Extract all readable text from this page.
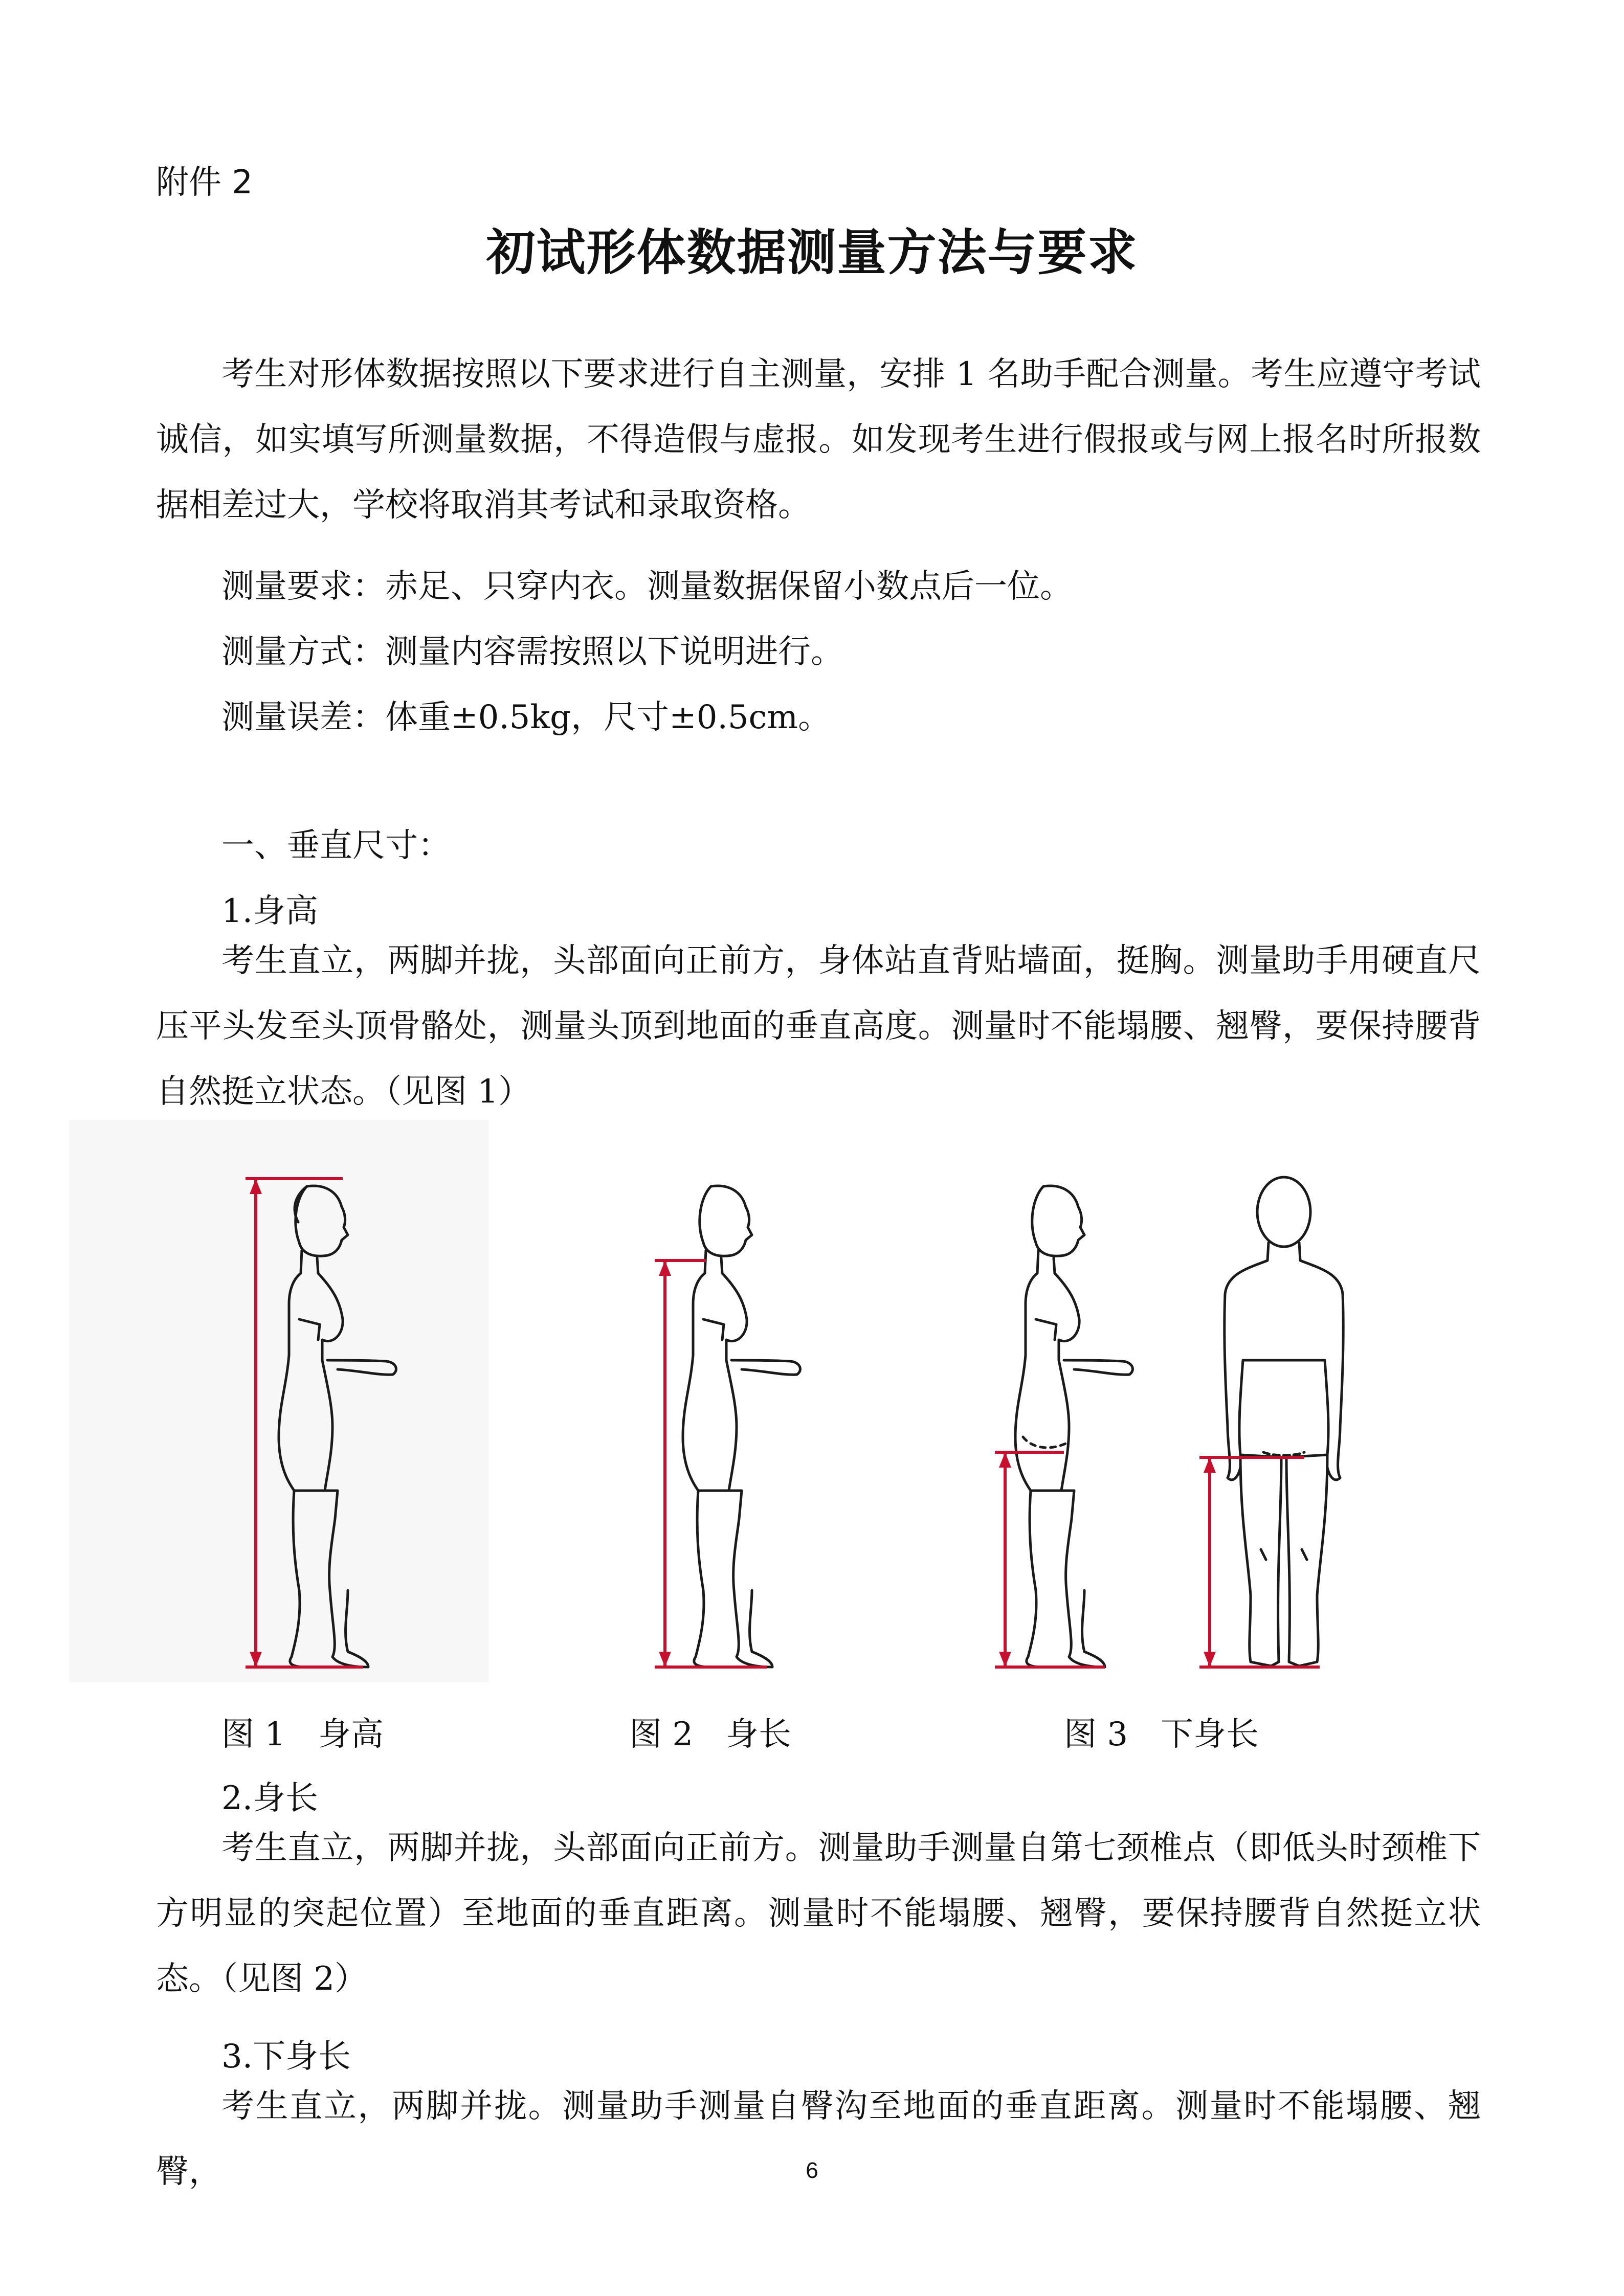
附件 2
初试形体数据测量方法与要求
考生对形体数据按照以下要求进行自主测量，安排 1 名助手配合测量。考生应遵守考试诚信，如实填写所测量数据，不得造假与虚报。如发现考生进行假报或与网上报名时所报数据相差过大，学校将取消其考试和录取资格。
测量要求：赤足、只穿内衣。测量数据保留小数点后一位。
测量方式：测量内容需按照以下说明进行。
测量误差：体重±0.5kg，尺寸±0.5cm。
一、垂直尺寸：
1.身高
考生直立，两脚并拢，头部面向正前方，身体站直背贴墙面，挺胸。测量助手用硬直尺压平头发至头顶骨骼处，测量头顶到地面的垂直高度。测量时不能塌腰、翘臀，要保持腰背自然挺立状态。（见图 1）
图 1　身高	图 2　身长	图 3　下身长
2.身长
考生直立，两脚并拢，头部面向正前方。测量助手测量自第七颈椎点（即低头时颈椎下方明显的突起位置）至地面的垂直距离。测量时不能塌腰、翘臀，要保持腰背自然挺立状态。（见图 2）
3.下身长
考生直立，两脚并拢。测量助手测量自臀沟至地面的垂直距离。测量时不能塌腰、翘臀，	6
